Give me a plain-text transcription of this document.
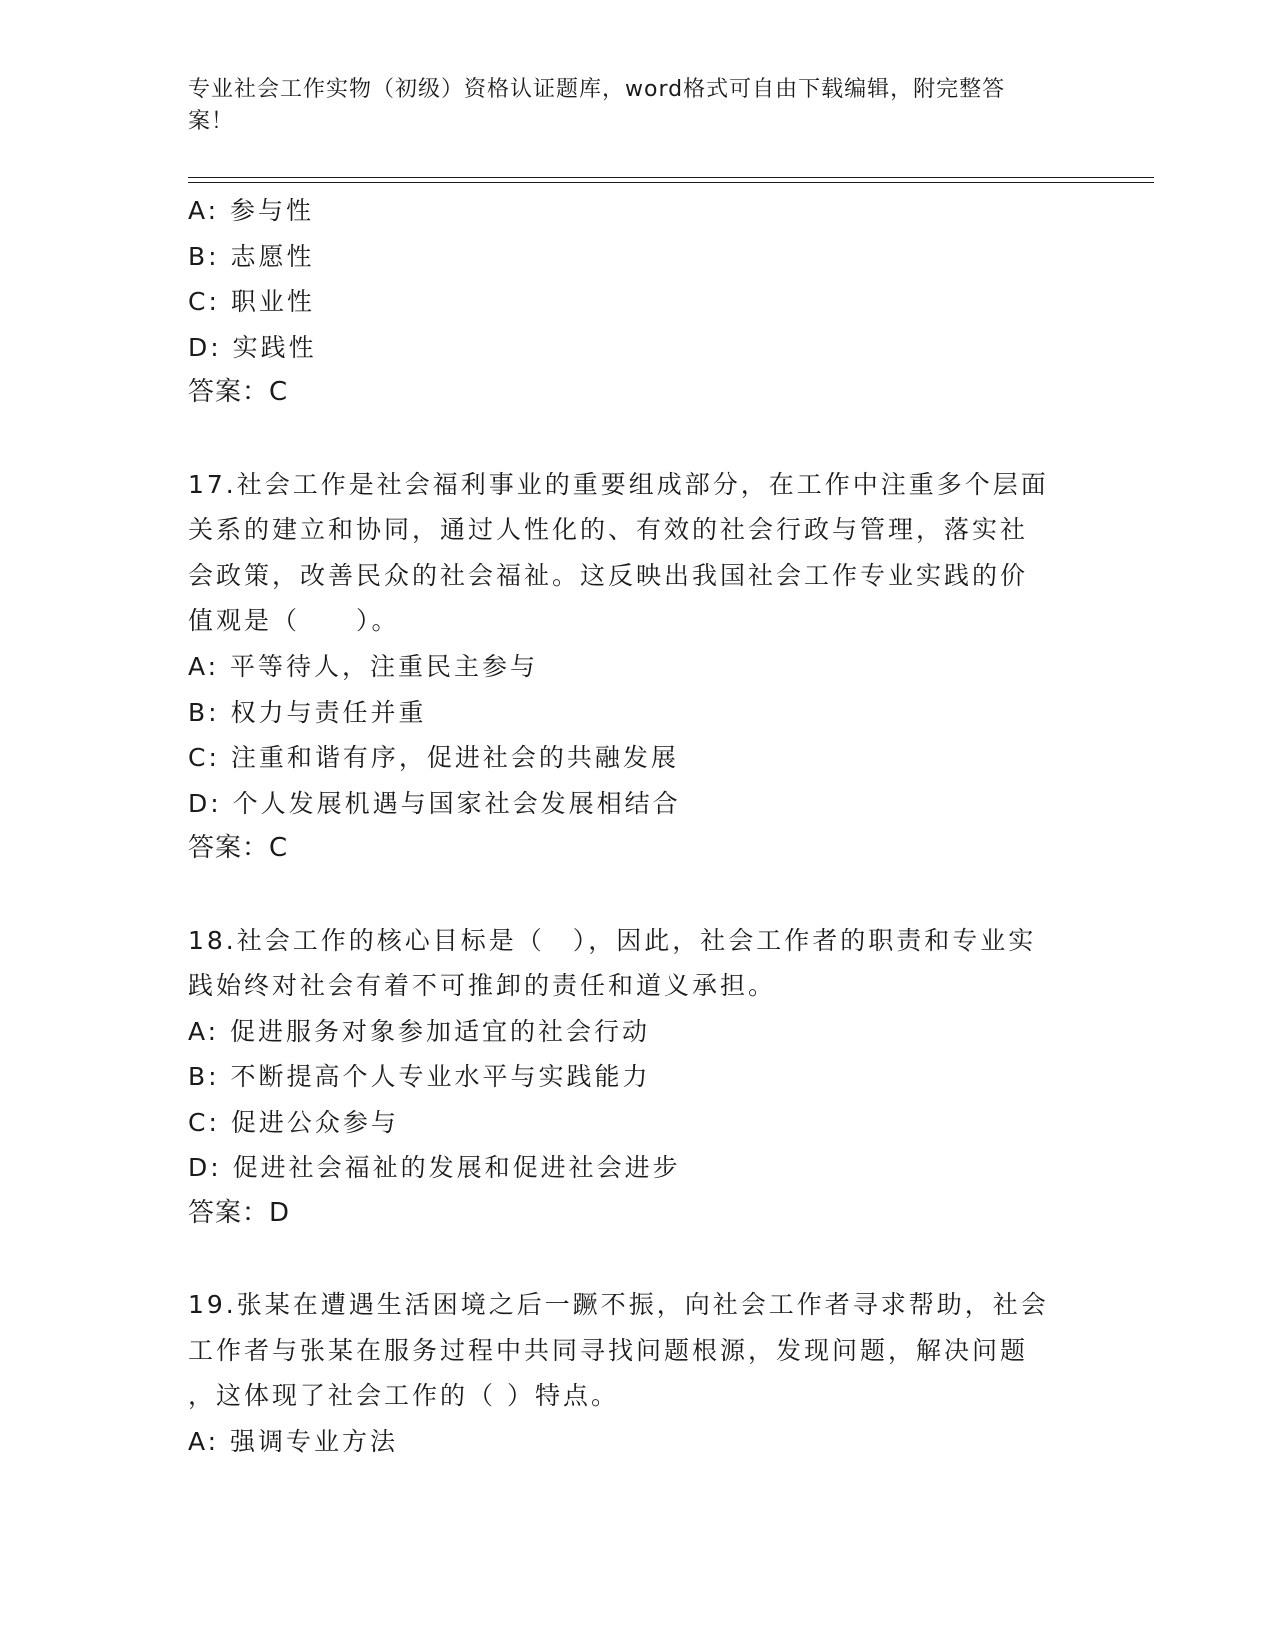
专业社会工作实物（初级）资格认证题库，word格式可自由下载编辑，附完整答
案！
A: 参与性
B: 志愿性
C: 职业性
D: 实践性
答案：C
17.社会工作是社会福利事业的重要组成部分，在工作中注重多个层面
关系的建立和协同，通过人性化的、有效的社会行政与管理，落实社
会政策，改善民众的社会福祉。这反映出我国社会工作专业实践的价
值观是（　　）。
A: 平等待人，注重民主参与
B: 权力与责任并重
C: 注重和谐有序，促进社会的共融发展
D: 个人发展机遇与国家社会发展相结合
答案：C
18.社会工作的核心目标是（　），因此，社会工作者的职责和专业实
践始终对社会有着不可推卸的责任和道义承担。
A: 促进服务对象参加适宜的社会行动
B: 不断提高个人专业水平与实践能力
C: 促进公众参与
D: 促进社会福祉的发展和促进社会进步
答案：D
19.张某在遭遇生活困境之后一蹶不振，向社会工作者寻求帮助，社会
工作者与张某在服务过程中共同寻找问题根源，发现问题，解决问题
，这体现了社会工作的（ ）特点。
A: 强调专业方法
